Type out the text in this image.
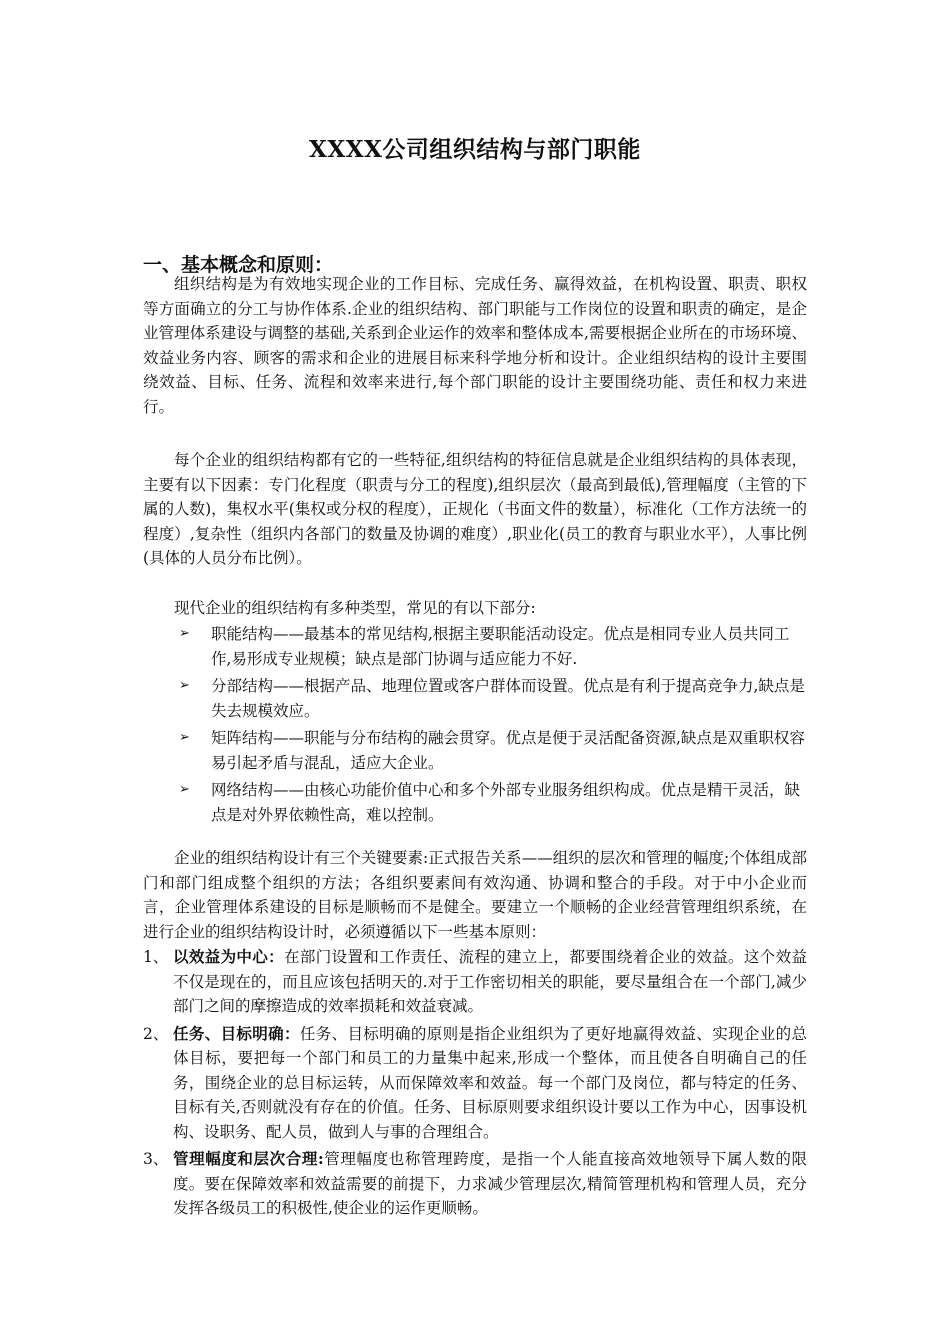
XXXX公司组织结构与部门职能
一、基本概念和原则：

组织结构是为有效地实现企业的工作目标、完成任务、赢得效益，在机构设置、职责、职权等方面确立的分工与协作体系.企业的组织结构、部门职能与工作岗位的设置和职责的确定，是企业管理体系建设与调整的基础,关系到企业运作的效率和整体成本,需要根据企业所在的市场环境、效益业务内容、顾客的需求和企业的进展目标来科学地分析和设计。企业组织结构的设计主要围绕效益、目标、任务、流程和效率来进行,每个部门职能的设计主要围绕功能、责任和权力来进行。

每个企业的组织结构都有它的一些特征,组织结构的特征信息就是企业组织结构的具体表现，主要有以下因素：专门化程度（职责与分工的程度),组织层次（最高到最低),管理幅度（主管的下属的人数)，集权水平(集权或分权的程度），正规化（书面文件的数量），标准化（工作方法统一的程度）,复杂性（组织内各部门的数量及协调的难度）,职业化(员工的教育与职业水平），人事比例(具体的人员分布比例）。

现代企业的组织结构有多种类型，常见的有以下部分:

➢ 职能结构——最基本的常见结构,根据主要职能活动设定。优点是相同专业人员共同工作,易形成专业规模；缺点是部门协调与适应能力不好.
➢ 分部结构——根据产品、地理位置或客户群体而设置。优点是有利于提高竞争力,缺点是失去规模效应。
➢ 矩阵结构——职能与分布结构的融会贯穿。优点是便于灵活配备资源,缺点是双重职权容易引起矛盾与混乱，适应大企业。
➢ 网络结构——由核心功能价值中心和多个外部专业服务组织构成。优点是精干灵活，缺点是对外界依赖性高，难以控制。

企业的组织结构设计有三个关键要素:正式报告关系——组织的层次和管理的幅度;个体组成部门和部门组成整个组织的方法；各组织要素间有效沟通、协调和整合的手段。对于中小企业而言，企业管理体系建设的目标是顺畅而不是健全。要建立一个顺畅的企业经营管理组织系统，在进行企业的组织结构设计时，必须遵循以下一些基本原则：

1、 以效益为中心：在部门设置和工作责任、流程的建立上，都要围绕着企业的效益。这个效益不仅是现在的，而且应该包括明天的.对于工作密切相关的职能，要尽量组合在一个部门,减少部门之间的摩擦造成的效率损耗和效益衰减。
2、 任务、目标明确：任务、目标明确的原则是指企业组织为了更好地赢得效益、实现企业的总体目标，要把每一个部门和员工的力量集中起来,形成一个整体，而且使各自明确自己的任务，围绕企业的总目标运转，从而保障效率和效益。每一个部门及岗位，都与特定的任务、目标有关,否则就没有存在的价值。任务、目标原则要求组织设计要以工作为中心，因事设机构、设职务、配人员，做到人与事的合理组合。
3、 管理幅度和层次合理:管理幅度也称管理跨度，是指一个人能直接高效地领导下属人数的限度。要在保障效率和效益需要的前提下，力求减少管理层次,精简管理机构和管理人员，充分发挥各级员工的积极性,使企业的运作更顺畅。
